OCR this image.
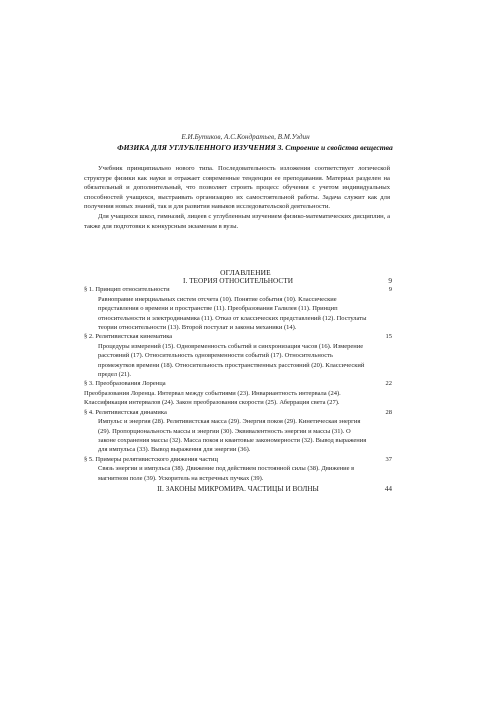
Е.И.Бутиков, А.С.Кондратьев, В.М.Уздин
ФИЗИКА ДЛЯ УГЛУБЛЕННОГО ИЗУЧЕНИЯ 3. Строение и свойства вещества

Учебник принципиально нового типа. Последовательность изложения соответствует логической структуре физики как науки и отражает современные тенденции ее преподавания. Материал разделен на обязательный и дополнительный, что позволяет строить процесс обучения с учетом индивидуальных способностей учащихся, выстраивать организацию их самостоятельной работы. Задача служит как для получения новых знаний, так и для развития навыков исследовательской деятельности.

Для учащихся школ, гимназий, лицеев с углубленным изучением физико-математических дисциплин, а также для подготовки к конкурсным экзаменам в вузы.

ОГЛАВЛЕНИЕ
I. ТЕОРИЯ ОТНОСИТЕЛЬНОСТИ	9
§ 1. Принцип относительности	9
Равноправие инерциальных систем отсчета (10). Понятие события (10). Классические представления о времени и пространстве (11). Преобразования Галилея (11). Принцип относительности и электродинамика (11). Отказ от классических представлений (12). Постулаты теории относительности (13). Второй постулат и законы механики (14).
§ 2. Релятивистская кинематика	15
Процедуры измерений (15). Одновременность событий и синхронизация часов (16). Измерение расстояний (17). Относительность одновременности событий (17). Относительность промежутков времени (18). Относительность пространственных расстояний (20). Классический предел (21).
§ 3. Преобразования Лоренца	22
Преобразования Лоренца. Интервал между событиями (23). Инвариантность интервала (24). Классификация интервалов (24). Закон преобразования скорости (25). Аберрация света (27).
§ 4. Релятивистская динамика	28
Импульс и энергия (28). Релятивистская масса (29). Энергия покоя (29). Кинетическая энергия (29). Пропорциональность массы и энергии (30). Эквивалентность энергии и массы (31). О законе сохранения массы (32). Масса покоя и квантовые закономерности (32). Вывод выражения для импульса (33). Вывод выражения для энергии (36).
§ 5. Примеры релятивистского движения частиц	37
Связь энергии и импульса (38). Движение под действием постоянной силы (38). Движение в магнитном поле (39). Ускоритель на встречных пучках (39).
II. ЗАКОНЫ МИКРОМИРА. ЧАСТИЦЫ И ВОЛНЫ	44
